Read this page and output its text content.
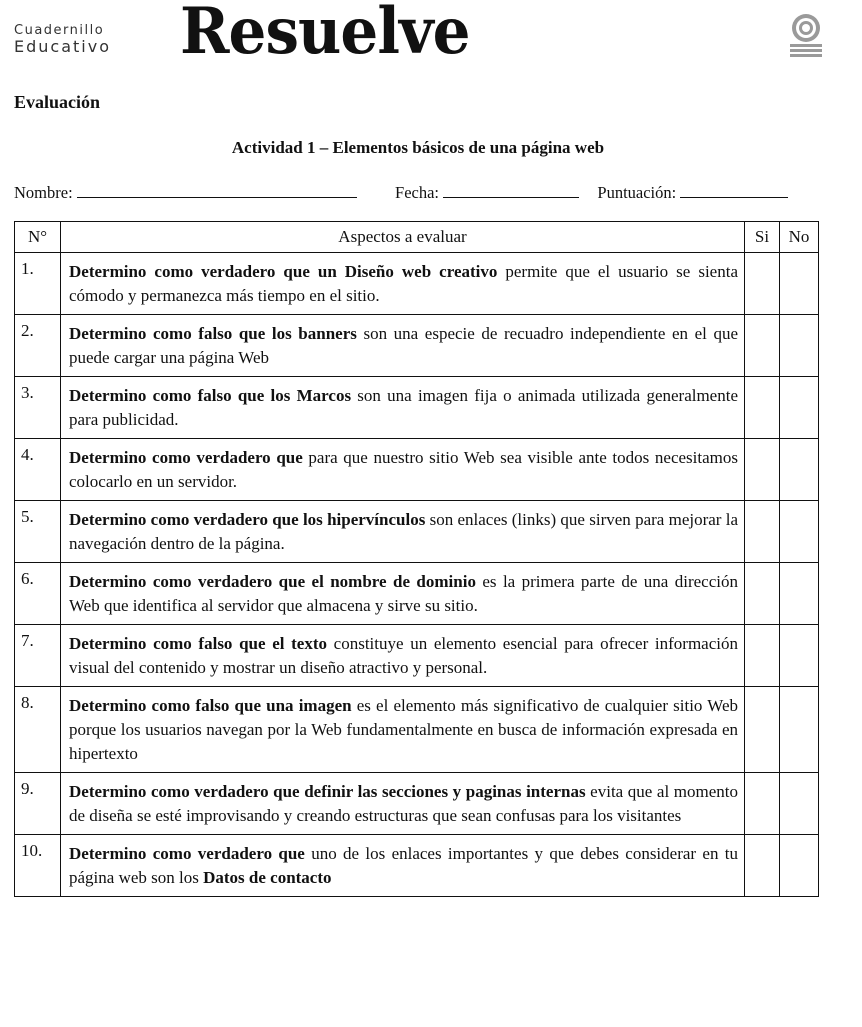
Cuadernillo
Educativo Resuelve
Evaluación
Actividad 1 – Elementos básicos de una página web
Nombre:	Fecha:	Puntuación:
N°	Aspectos a evaluar	Si	No
1.	Determino como verdadero que un Diseño web creativo permite que el usuario se sienta cómodo y permanezca más tiempo en el sitio.		
2.	Determino como falso que los banners son una especie de recuadro independiente en el que puede cargar una página Web		
3.	Determino como falso que los Marcos son una imagen fija o animada utilizada generalmente para publicidad.		
4.	Determino como verdadero que para que nuestro sitio Web sea visible ante todos necesitamos colocarlo en un servidor.		
5.	Determino como verdadero que los hipervínculos son enlaces (links) que sirven para mejorar la navegación dentro de la página.		
6.	Determino como verdadero que el nombre de dominio es la primera parte de una dirección Web que identifica al servidor que almacena y sirve su sitio.		
7.	Determino como falso que el texto constituye un elemento esencial para ofrecer información visual del contenido y mostrar un diseño atractivo y personal.		
8.	Determino como falso que una imagen es el elemento más significativo de cualquier sitio Web porque los usuarios navegan por la Web fundamentalmente en busca de información expresada en hipertexto		
9.	Determino como verdadero que definir las secciones y paginas internas evita que al momento de diseña se esté improvisando y creando estructuras que sean confusas para los visitantes		
10.	Determino como verdadero que uno de los enlaces importantes y que debes considerar en tu página web son los Datos de contacto		
